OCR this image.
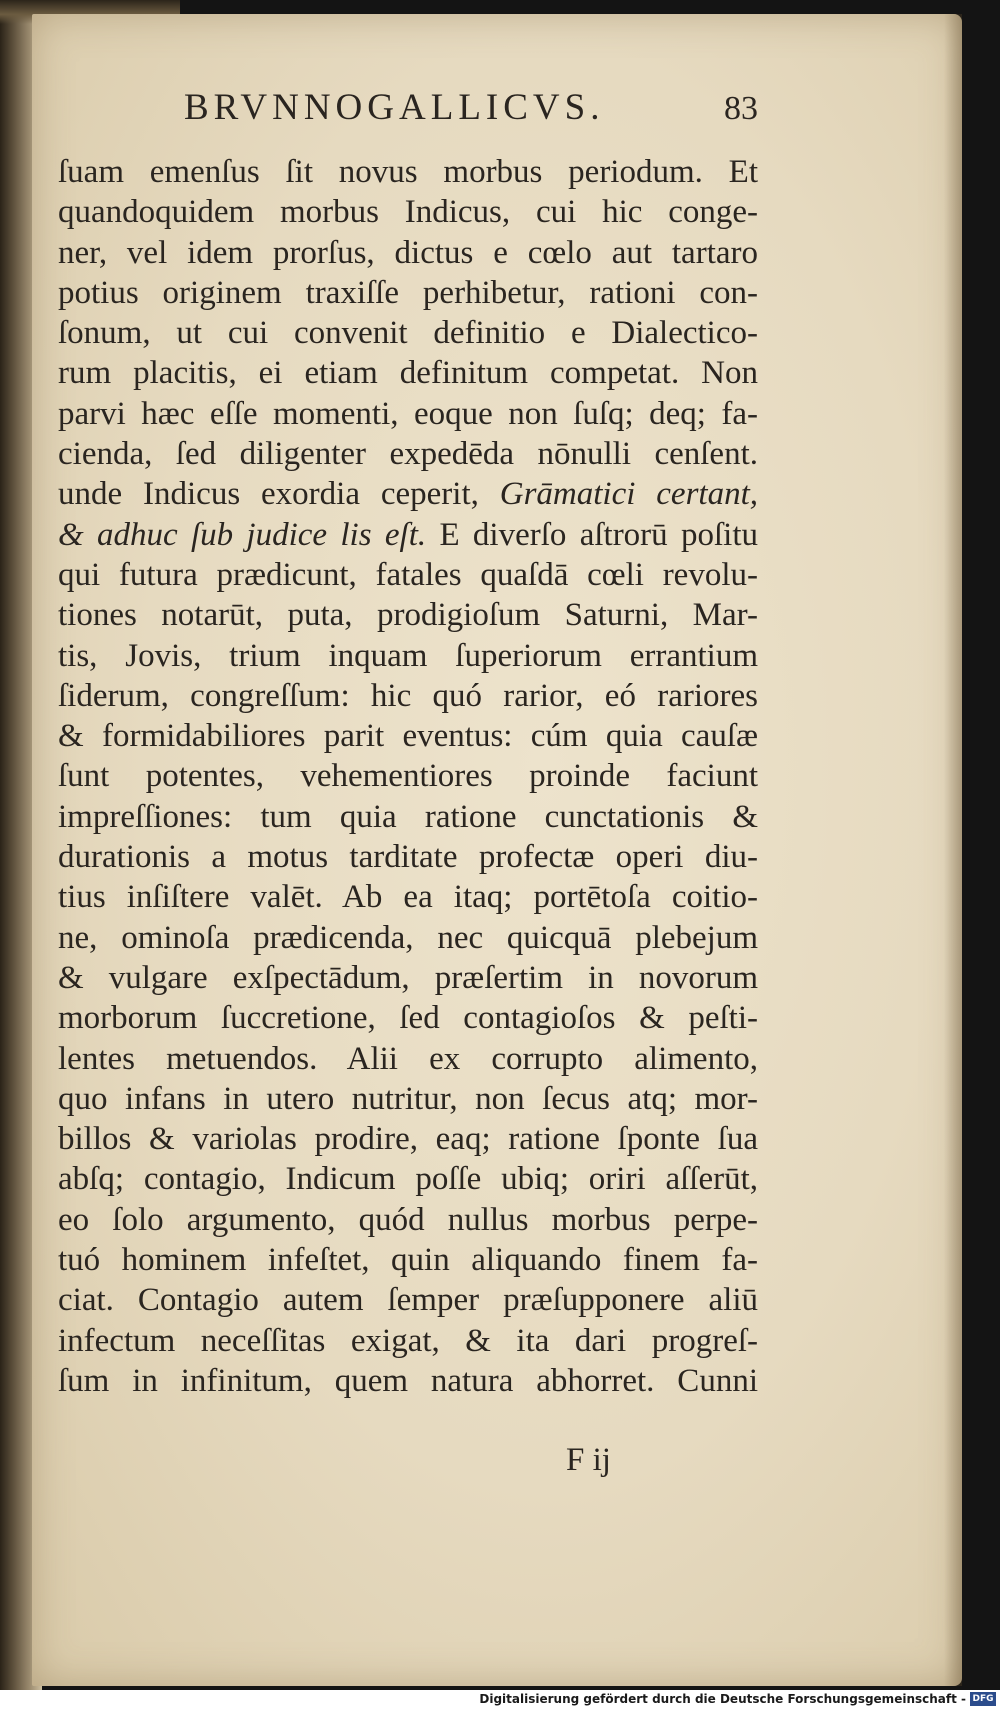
BRVNNOGALLICVS.	83
ſuam emenſus ſit novus morbus periodum. Et
quandoquidem morbus Indicus, cui hic conge-
ner, vel idem prorſus, dictus e cœlo aut tartaro
potius originem traxiſſe perhibetur, rationi con-
ſonum, ut cui convenit definitio e Dialectico-
rum placitis, ei etiam definitum competat. Non
parvi hæc eſſe momenti, eoque non ſuſq; deq; fa-
cienda, ſed diligenter expedēda nōnulli cenſent.
unde Indicus exordia ceperit, Grāmatici certant,
& adhuc ſub judice lis eſt. E diverſo aſtrorū poſitu
qui futura prædicunt, fatales quaſdā cœli revolu-
tiones notarūt, puta, prodigioſum Saturni, Mar-
tis, Jovis, trium inquam ſuperiorum errantium
ſiderum, congreſſum: hic quó rarior, eó rariores
& formidabiliores parit eventus: cúm quia cauſæ
ſunt potentes, vehementiores proinde faciunt
impreſſiones: tum quia ratione cunctationis &
durationis a motus tarditate profectæ operi diu-
tius inſiſtere valēt. Ab ea itaq; portētoſa coitio-
ne, ominoſa prædicenda, nec quicquā plebejum
& vulgare exſpectādum, præſertim in novorum
morborum ſuccretione, ſed contagioſos & peſti-
lentes metuendos. Alii ex corrupto alimento,
quo infans in utero nutritur, non ſecus atq; mor-
billos & variolas prodire, eaq; ratione ſponte ſua
abſq; contagio, Indicum poſſe ubiq; oriri aſſerūt,
eo ſolo argumento, quód nullus morbus perpe-
tuó hominem infeſtet, quin aliquando finem fa-
ciat. Contagio autem ſemper præſupponere aliū
infectum neceſſitas exigat, & ita dari progreſ-
ſum in infinitum, quem natura abhorret. Cunni
F ij
Digitalisierung gefördert durch die Deutsche Forschungsgemeinschaft - DFG
